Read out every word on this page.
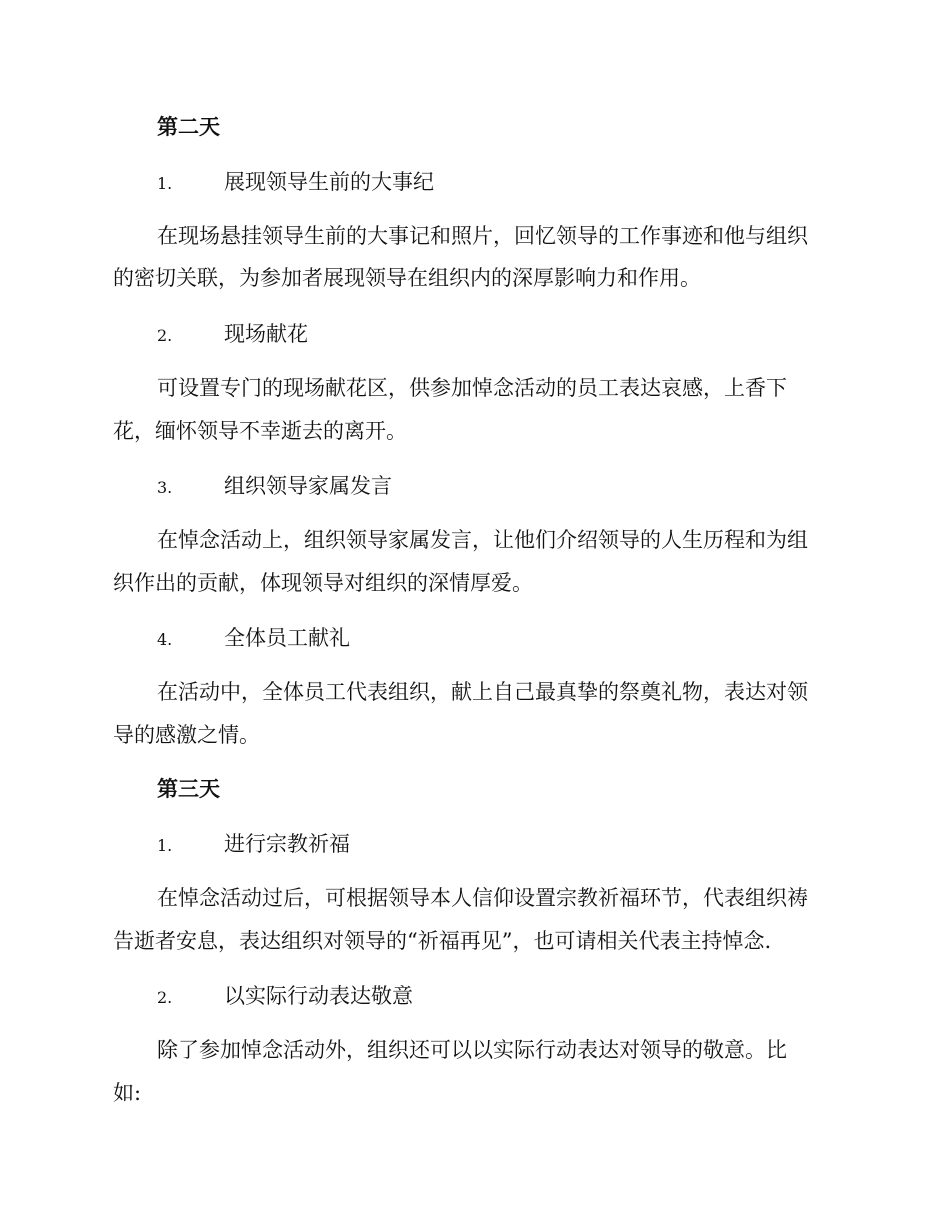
第二天
1. 展现领导生前的大事纪
在现场悬挂领导生前的大事记和照片，回忆领导的工作事迹和他与组织
的密切关联，为参加者展现领导在组织内的深厚影响力和作用。
2. 现场献花
可设置专门的现场献花区，供参加悼念活动的员工表达哀感，上香下
花，缅怀领导不幸逝去的离开。
3. 组织领导家属发言
在悼念活动上，组织领导家属发言，让他们介绍领导的人生历程和为组
织作出的贡献，体现领导对组织的深情厚爱。
4. 全体员工献礼
在活动中，全体员工代表组织，献上自己最真挚的祭奠礼物，表达对领
导的感激之情。
第三天
1. 进行宗教祈福
在悼念活动过后，可根据领导本人信仰设置宗教祈福环节，代表组织祷
告逝者安息，表达组织对领导的“祈福再见”，也可请相关代表主持悼念.
2. 以实际行动表达敬意
除了参加悼念活动外，组织还可以以实际行动表达对领导的敬意。比
如:
